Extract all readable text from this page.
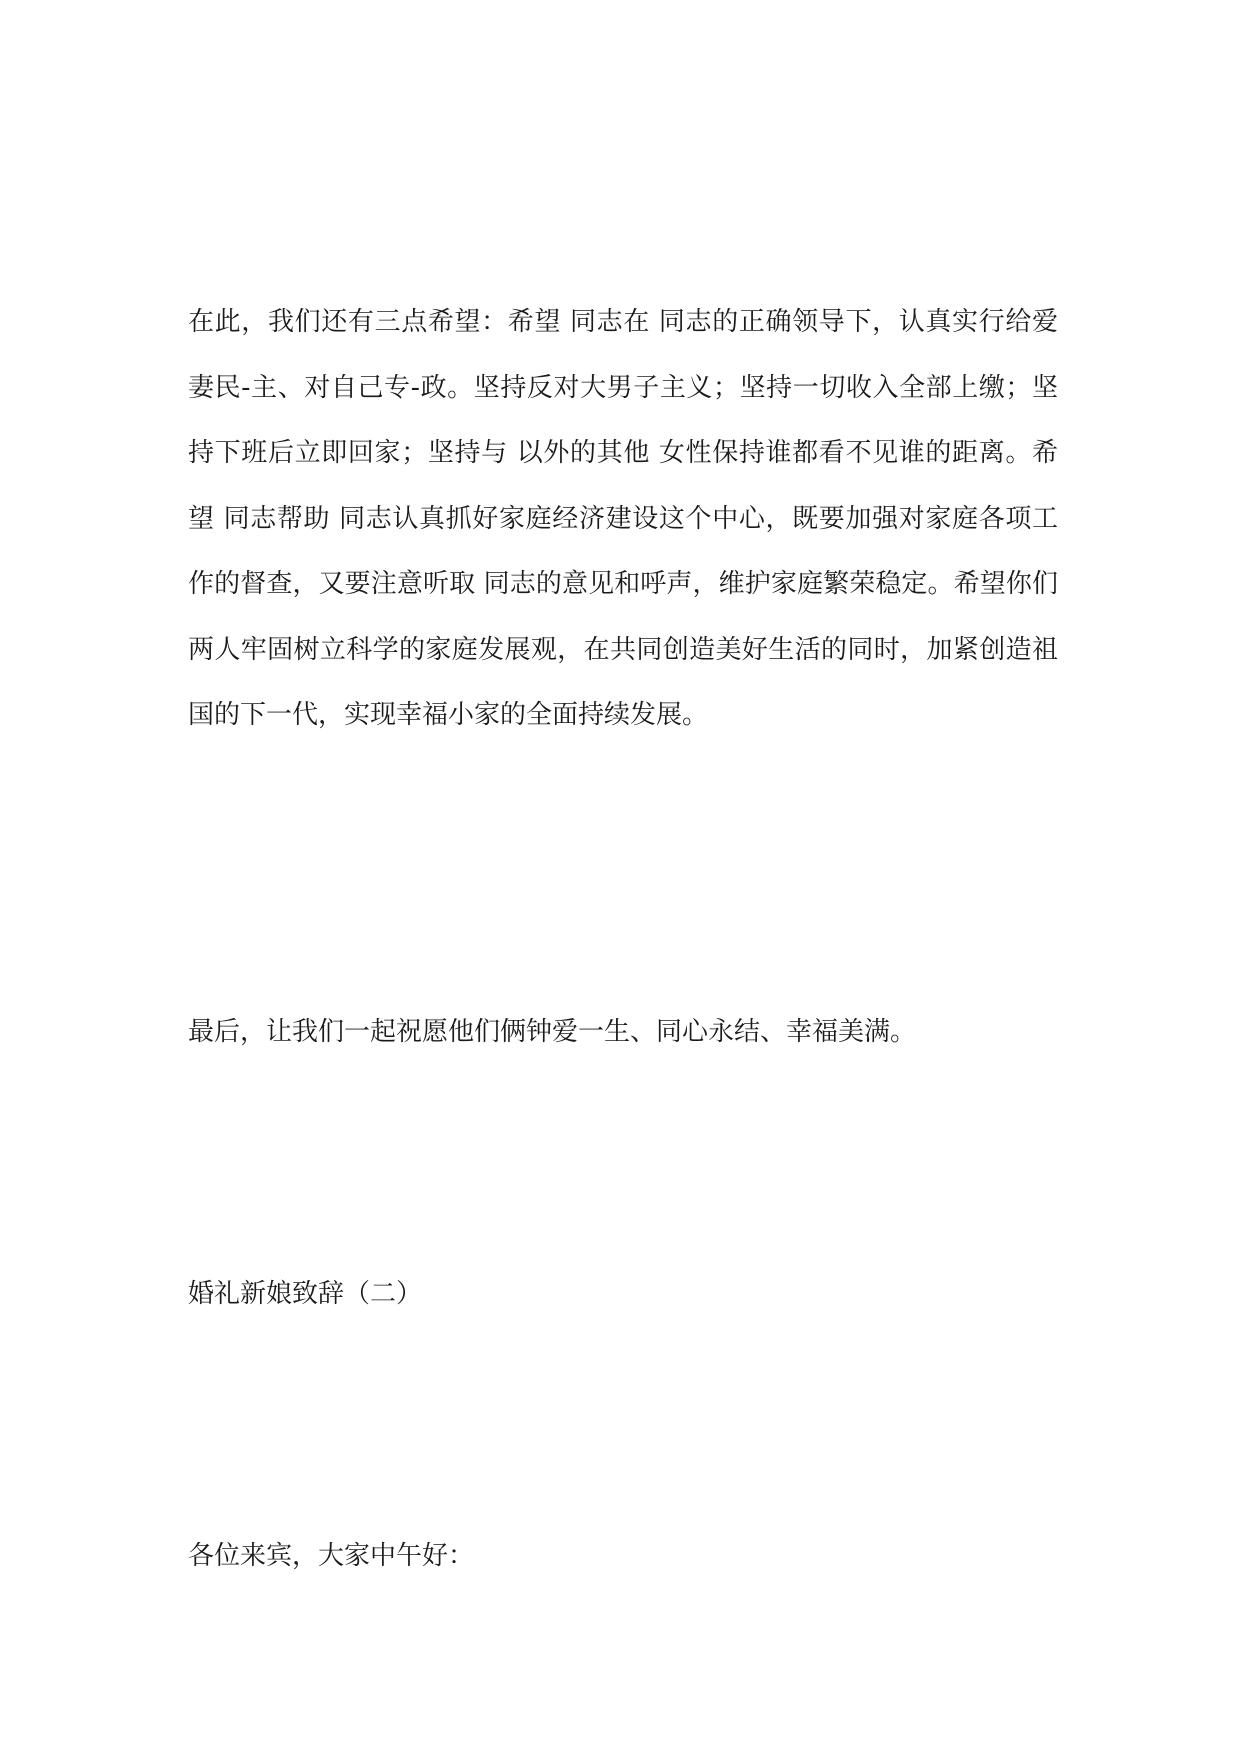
在此，我们还有三点希望：希望 同志在 同志的正确领导下，认真实行给爱妻民-主、对自己专-政。坚持反对大男子主义；坚持一切收入全部上缴；坚持下班后立即回家；坚持与 以外的其他 女性保持谁都看不见谁的距离。希望 同志帮助 同志认真抓好家庭经济建设这个中心，既要加强对家庭各项工作的督查，又要注意听取 同志的意见和呼声，维护家庭繁荣稳定。希望你们两人牢固树立科学的家庭发展观，在共同创造美好生活的同时，加紧创造祖国的下一代，实现幸福小家的全面持续发展。

最后，让我们一起祝愿他们俩钟爱一生、同心永结、幸福美满。

婚礼新娘致辞（二）

各位来宾，大家中午好：
